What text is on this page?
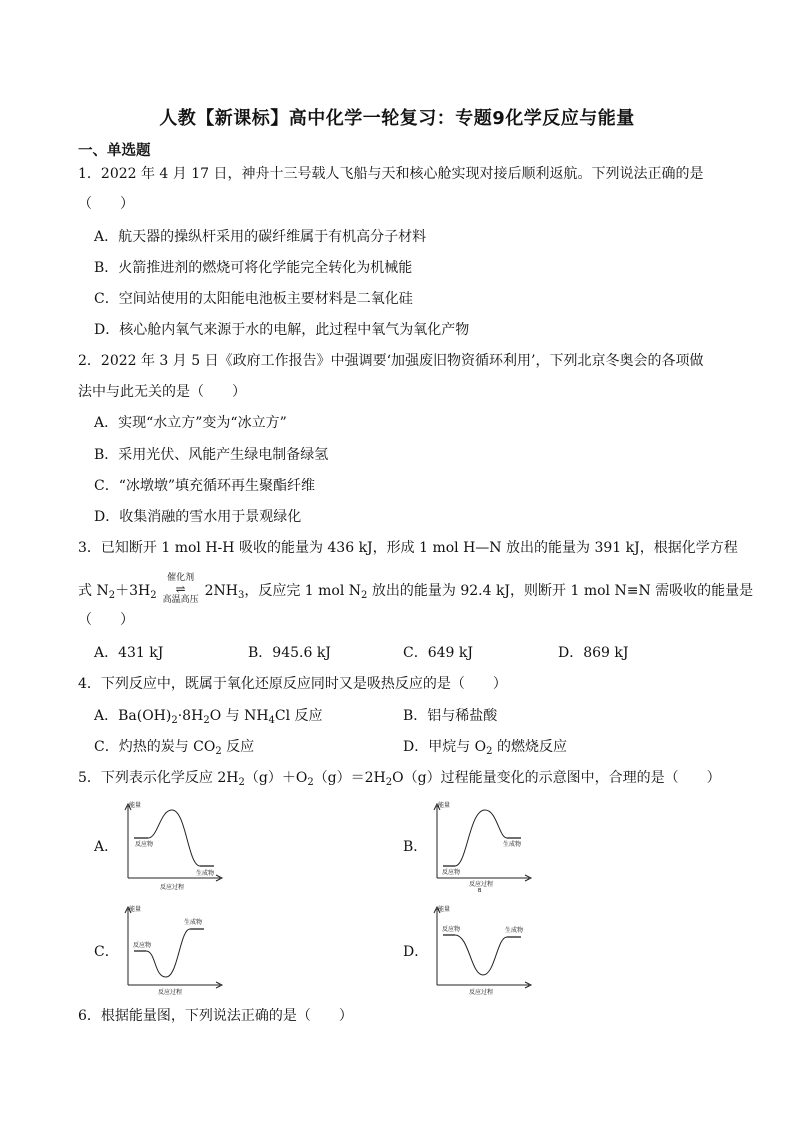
人教【新课标】高中化学一轮复习：专题9化学反应与能量
一、单选题
1．2022 年 4 月 17 日，神舟十三号载人飞船与天和核心舱实现对接后顺利返航。下列说法正确的是
（　　）
A．航天器的操纵杆采用的碳纤维属于有机高分子材料
B．火箭推进剂的燃烧可将化学能完全转化为机械能
C．空间站使用的太阳能电池板主要材料是二氧化硅
D．核心舱内氧气来源于水的电解，此过程中氧气为氧化产物
2．2022 年 3 月 5 日《政府工作报告》中强调要‘加强废旧物资循环利用’，下列北京冬奥会的各项做
法中与此无关的是（　　）
A．实现“水立方”变为“冰立方”
B．采用光伏、风能产生绿电制备绿氢
C．“冰墩墩”填充循环再生聚酯纤维
D．收集消融的雪水用于景观绿化
3．已知断开 1 mol H-H 吸收的能量为 436 kJ，形成 1 mol H—N 放出的能量为 391 kJ，根据化学方程
式 $N_2+3H_2$
催化剂
⇌
高温高压
$2NH_3$，反应完 1 mol $N_2$ 放出的能量为 92.4 kJ，则断开 1 mol N≡N 需吸收的能量是
（　　）
A．431 kJ	B．945.6 kJ	C．649 kJ	D．869 kJ
4．下列反应中，既属于氧化还原反应同时又是吸热反应的是（　　）
A．$Ba(OH)_2\cdot 8H_2O$ 与 $NH_4Cl$ 反应	B．铝与稀盐酸
C．灼热的炭与 $CO_2$ 反应	D．甲烷与 $O_2$ 的燃烧反应
5．下列表示化学反应 $2H_2(g)+O_2(g)=2H_2O(g)$过程能量变化的示意图中，合理的是（　　）
A．	B．
C．	D．
能量
反应物
生成物
反应过程
能量
反应物
生成物
反应过程
B
能量
反应物
生成物
反应过程
能量
反应物	生成物
反应过程
6．根据能量图，下列说法正确的是（　　）
